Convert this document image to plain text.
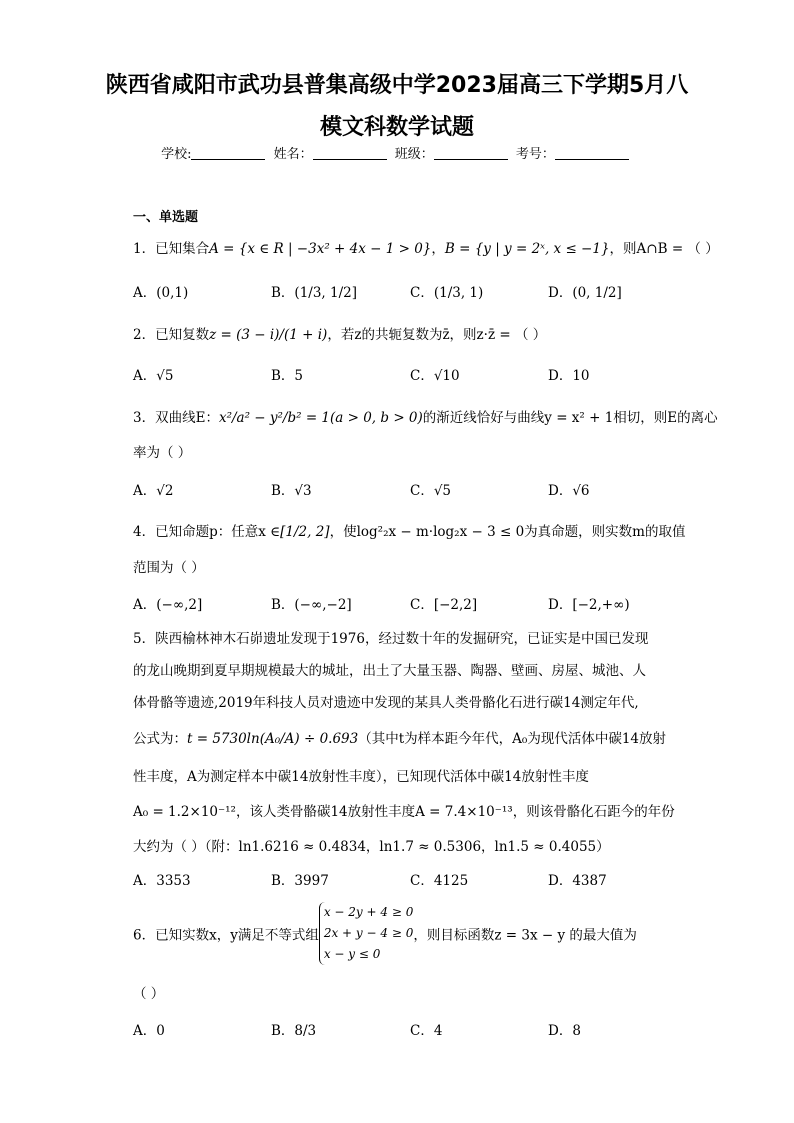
陕西省咸阳市武功县普集高级中学2023届高三下学期5月八
模文科数学试题
学校:	姓名：	班级：	考号：
一、单选题
1．已知集合A = {x ∈ R | −3x² + 4x − 1 > 0}，B = {y | y = 2ˣ, x ≤ −1}，则A∩B = （ ）
A．(0,1)	B．(1/3, 1/2]	C．(1/3, 1)	D．(0, 1/2]
2．已知复数z = (3 − i)/(1 + i)，若z的共轭复数为z̄，则z·z̄ = （ ）
A．√5	B．5	C．√10	D．10
3．双曲线E：x²/a² − y²/b² = 1(a > 0, b > 0)的渐近线恰好与曲线y = x² + 1相切，则E的离心
率为（ ）
A．√2	B．√3	C．√5	D．√6
4．已知命题p：任意x ∈[1/2, 2]，使log²₂x − m·log₂x − 3 ≤ 0为真命题，则实数m的取值
范围为（ ）
A．(−∞,2]	B．(−∞,−2]	C．[−2,2]	D．[−2,+∞)
5．陕西榆林神木石峁遗址发现于1976，经过数十年的发掘研究，已证实是中国已发现
的龙山晚期到夏早期规模最大的城址，出土了大量玉器、陶器、壁画、房屋、城池、人
体骨骼等遗迹,2019年科技人员对遗迹中发现的某具人类骨骼化石进行碳14测定年代,
公式为：t = 5730ln(A₀/A) ÷ 0.693（其中t为样本距今年代，A₀为现代活体中碳14放射
性丰度，A为测定样本中碳14放射性丰度），已知现代活体中碳14放射性丰度
A₀ = 1.2×10⁻¹²，该人类骨骼碳14放射性丰度A = 7.4×10⁻¹³，则该骨骼化石距今的年份
大约为（ ）（附：ln1.6216 ≈ 0.4834，ln1.7 ≈ 0.5306，ln1.5 ≈ 0.4055）
A．3353	B．3997	C．4125	D．4387
6．已知实数x，y满足不等式组x − 2y + 4 ≥ 0
2x + y − 4 ≥ 0
x − y ≤ 0，则目标函数z = 3x − y 的最大值为
（ ）
A．0	B．8/3	C．4	D．8
